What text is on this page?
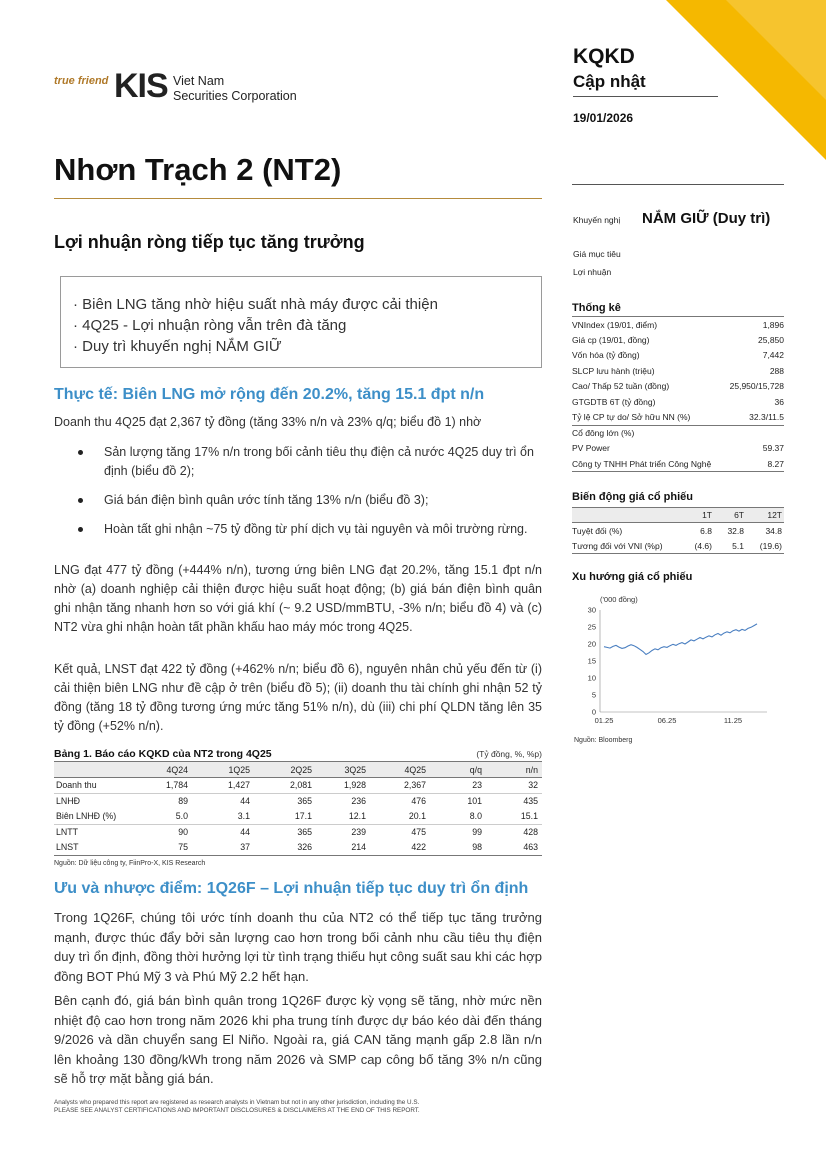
true friend KIS Viet Nam
Securities Corporation
KQKD
Cập nhật
19/01/2026
Nhơn Trạch 2 (NT2)
Lợi nhuận ròng tiếp tục tăng trưởng
· Biên LNG tăng nhờ hiệu suất nhà máy được cải thiện
· 4Q25 - Lợi nhuận ròng vẫn trên đà tăng
· Duy trì khuyến nghị NẮM GIỮ
Thực tế: Biên LNG mở rộng đến 20.2%, tăng 15.1 đpt n/n
Doanh thu 4Q25 đạt 2,367 tỷ đồng (tăng 33% n/n và 23% q/q; biểu đồ 1) nhờ
Sản lượng tăng 17% n/n trong bối cảnh tiêu thụ điện cả nước 4Q25 duy trì ổn định (biểu đồ 2);
Giá bán điện bình quân ước tính tăng 13% n/n (biểu đồ 3);
Hoàn tất ghi nhận ~75 tỷ đồng từ phí dịch vụ tài nguyên và môi trường rừng.
LNG đạt 477 tỷ đồng (+444% n/n), tương ứng biên LNG đạt 20.2%, tăng 15.1 đpt n/n nhờ (a) doanh nghiệp cải thiện được hiệu suất hoạt động; (b) giá bán điện bình quân ghi nhận tăng nhanh hơn so với giá khí (~ 9.2 USD/mmBTU, -3% n/n; biểu đồ 4) và (c) NT2 vừa ghi nhận hoàn tất phần khấu hao máy móc trong 4Q25.
Kết quả, LNST đạt 422 tỷ đồng (+462% n/n; biểu đồ 6), nguyên nhân chủ yếu đến từ (i) cải thiện biên LNG như đề cập ở trên (biểu đồ 5); (ii) doanh thu tài chính ghi nhận 52 tỷ đồng (tăng 18 tỷ đồng tương ứng mức tăng 51% n/n), dù (iii) chi phí QLDN tăng lên 35 tỷ đồng (+52% n/n).
Bảng 1. Báo cáo KQKD của NT2 trong 4Q25	(Tỷ đồng, %, %p)
	4Q24	1Q25	2Q25	3Q25	4Q25	q/q	n/n
Doanh thu	1,784	1,427	2,081	1,928	2,367	23	32
LNHĐ	89	44	365	236	476	101	435
Biên LNHĐ (%)	5.0	3.1	17.1	12.1	20.1	8.0	15.1
LNTT	90	44	365	239	475	99	428
LNST	75	37	326	214	422	98	463
Nguồn: Dữ liệu công ty, FiinPro-X, KIS Research
Ưu và nhược điểm: 1Q26F – Lợi nhuận tiếp tục duy trì ổn định
Trong 1Q26F, chúng tôi ước tính doanh thu của NT2 có thể tiếp tục tăng trưởng mạnh, được thúc đẩy bởi sản lượng cao hơn trong bối cảnh nhu cầu tiêu thụ điện duy trì ổn định, đồng thời hưởng lợi từ tình trạng thiếu hụt công suất sau khi các hợp đồng BOT Phú Mỹ 3 và Phú Mỹ 2.2 hết hạn.
Bên cạnh đó, giá bán bình quân trong 1Q26F được kỳ vọng sẽ tăng, nhờ mức nền nhiệt độ cao hơn trong năm 2026 khi pha trung tính được dự báo kéo dài đến tháng 9/2026 và dần chuyển sang El Niño. Ngoài ra, giá CAN tăng mạnh gấp 2.8 lần n/n lên khoảng 130 đồng/kWh trong năm 2026 và SMP cap công bố tăng 3% n/n cũng sẽ hỗ trợ mặt bằng giá bán.
Analysts who prepared this report are registered as research analysts in Vietnam but not in any other jurisdiction, including the U.S.
PLEASE SEE ANALYST CERTIFICATIONS AND IMPORTANT DISCLOSURES & DISCLAIMERS AT THE END OF THIS REPORT.
Khuyến nghị NẮM GIỮ (Duy trì)
Giá mục tiêu
Lợi nhuận
Thống kê
VNIndex (19/01, điểm)	1,896
Giá cp (19/01, đồng)	25,850
Vốn hóa (tỷ đồng)	7,442
SLCP lưu hành (triệu)	288
Cao/ Thấp 52 tuần (đồng)	25,950/15,728
GTGDTB 6T (tỷ đồng)	36
Tỷ lệ CP tự do/ Sở hữu NN (%)	32.3/11.5
Cổ đông lớn (%)	
PV Power	59.37
Công ty TNHH Phát triển Công Nghệ	8.27
Biến động giá cổ phiếu
	1T	6T	12T
Tuyệt đối (%)	6.8	32.8	34.8
Tương đối với VNI (%p)	(4.6)	5.1	(19.6)
Xu hướng giá cổ phiếu
('000 đồng)
0
5
10
15
20
25
30
01.25	06.25	11.25
Nguồn: Bloomberg
